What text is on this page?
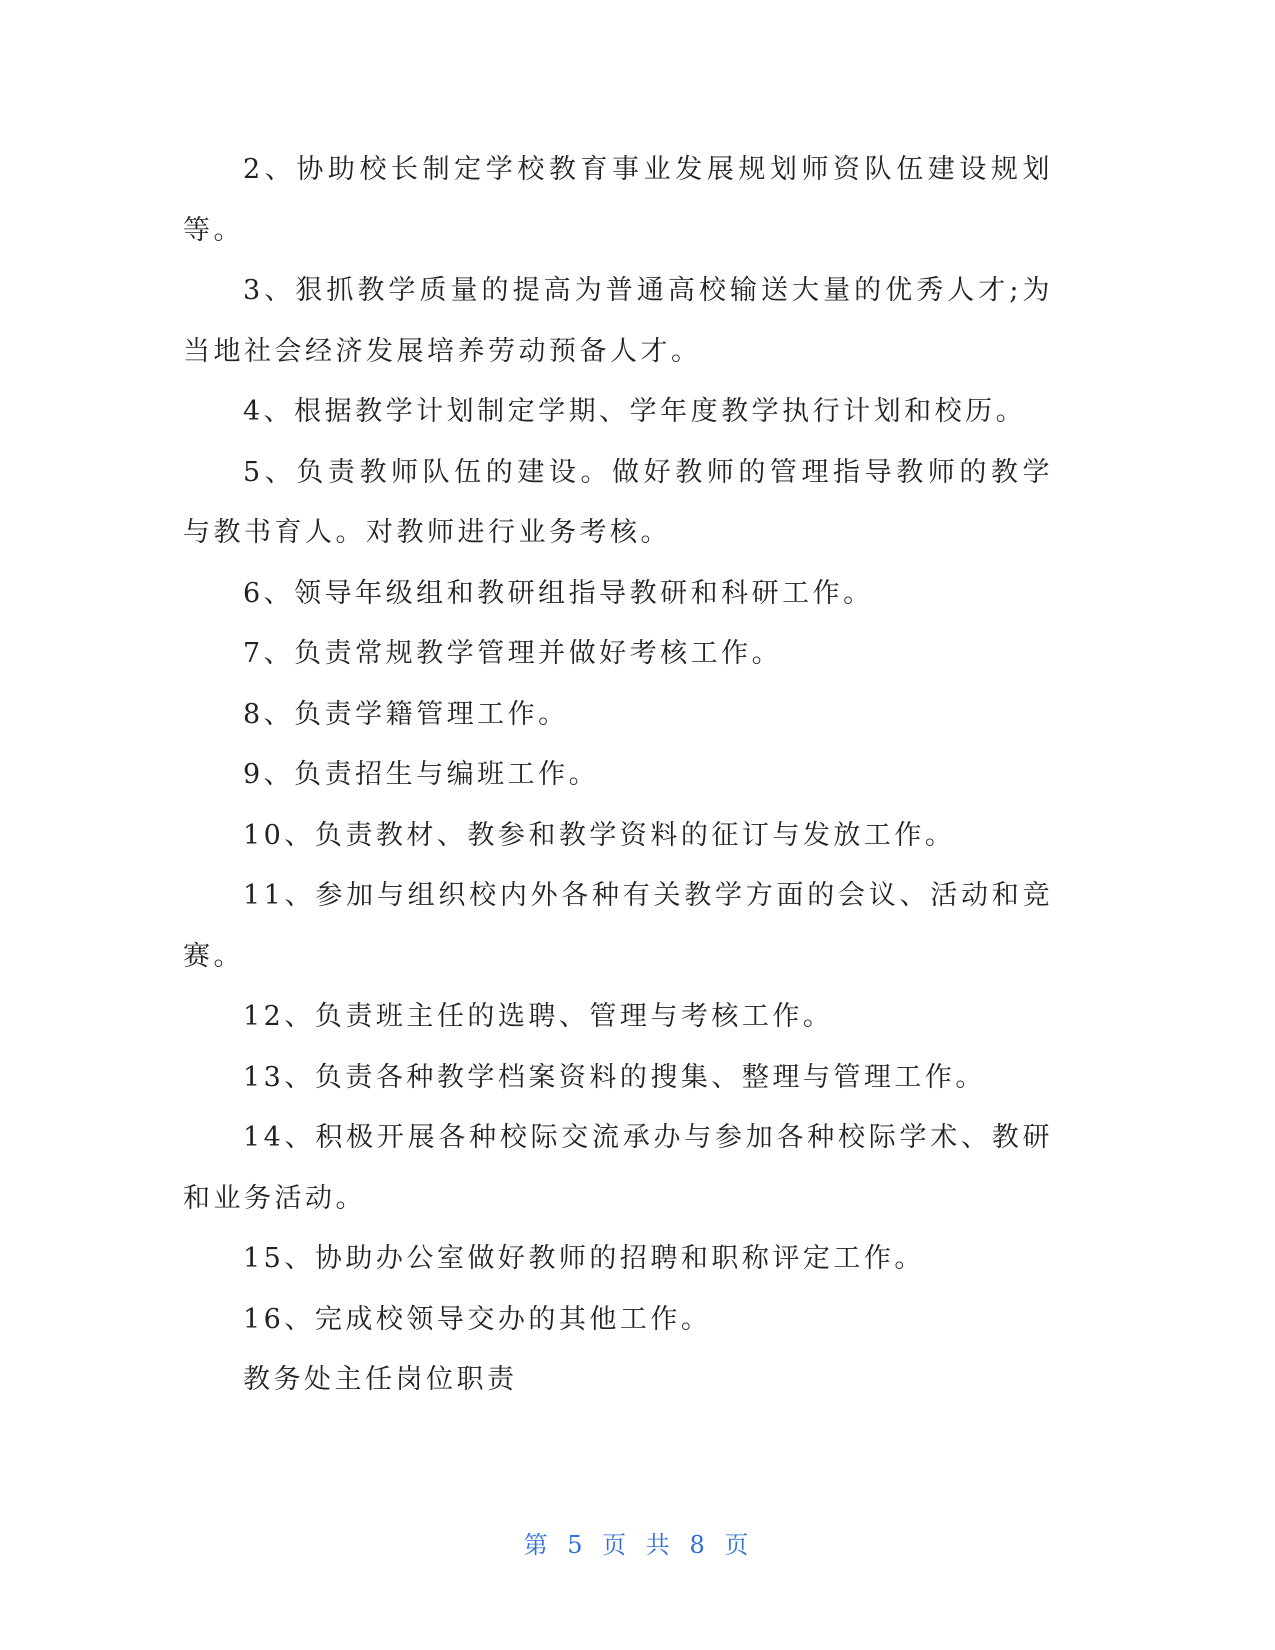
2、协助校长制定学校教育事业发展规划师资队伍建设规划等。

3、狠抓教学质量的提高为普通高校输送大量的优秀人才;为当地社会经济发展培养劳动预备人才。

4、根据教学计划制定学期、学年度教学执行计划和校历。

5、负责教师队伍的建设。做好教师的管理指导教师的教学与教书育人。对教师进行业务考核。

6、领导年级组和教研组指导教研和科研工作。

7、负责常规教学管理并做好考核工作。

8、负责学籍管理工作。

9、负责招生与编班工作。

10、负责教材、教参和教学资料的征订与发放工作。

11、参加与组织校内外各种有关教学方面的会议、活动和竞赛。

12、负责班主任的选聘、管理与考核工作。

13、负责各种教学档案资料的搜集、整理与管理工作。

14、积极开展各种校际交流承办与参加各种校际学术、教研和业务活动。

15、协助办公室做好教师的招聘和职称评定工作。

16、完成校领导交办的其他工作。

教务处主任岗位职责

第 5 页 共 8 页
